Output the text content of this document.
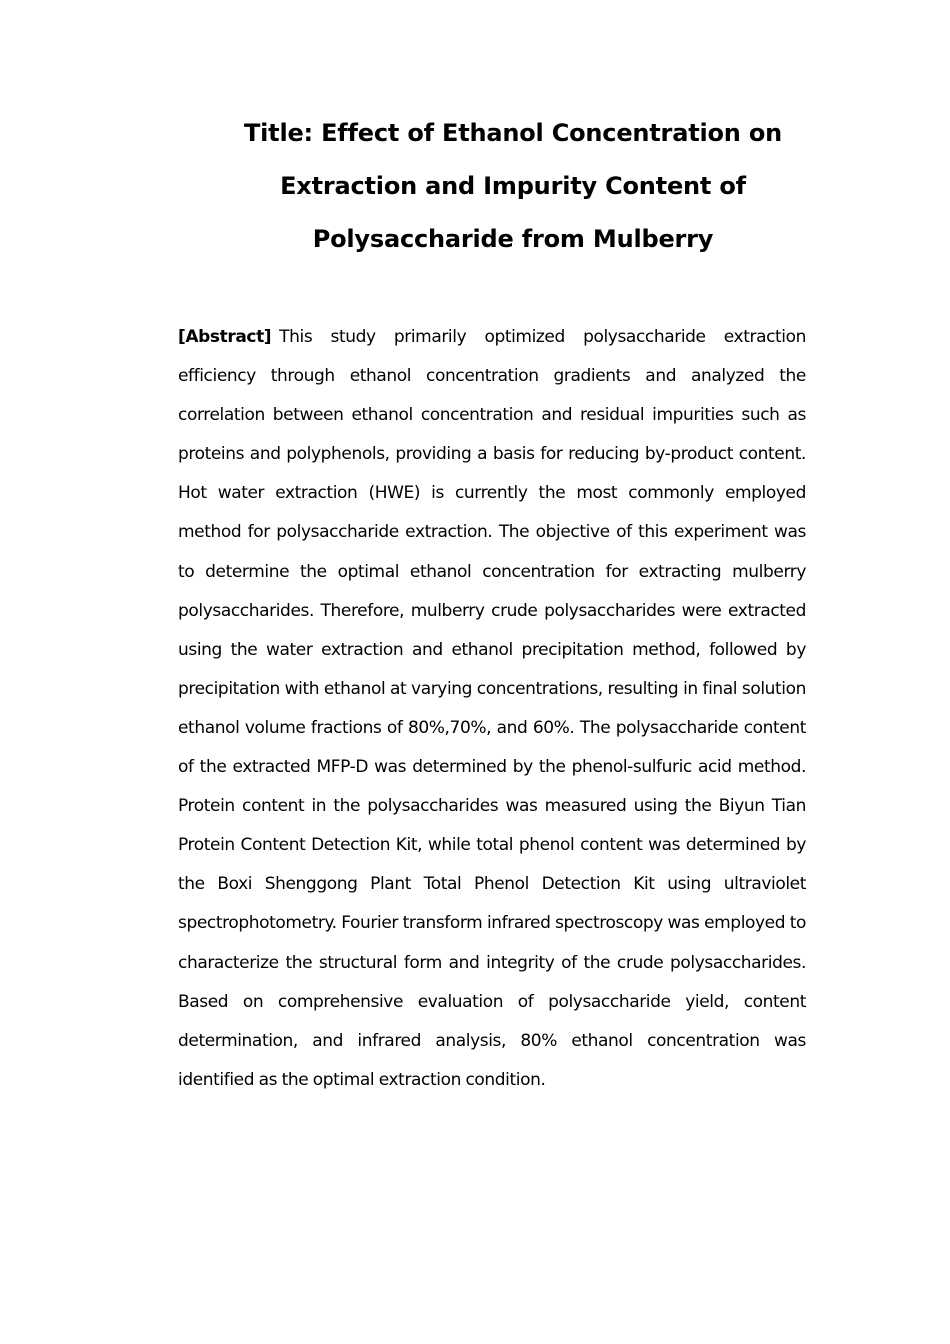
Title: Effect of Ethanol Concentration on
Extraction and Impurity Content of
Polysaccharide from Mulberry

[Abstract] This study primarily optimized polysaccharide extraction efficiency through ethanol concentration gradients and analyzed the correlation between ethanol concentration and residual impurities such as proteins and polyphenols, providing a basis for reducing by-product content. Hot water extraction (HWE) is currently the most commonly employed method for polysaccharide extraction. The objective of this experiment was to determine the optimal ethanol concentration for extracting mulberry polysaccharides. Therefore, mulberry crude polysaccharides were extracted using the water extraction and ethanol precipitation method, followed by precipitation with ethanol at varying concentrations, resulting in final solution ethanol volume fractions of 80%,70%, and 60%. The polysaccharide content of the extracted MFP-D was determined by the phenol-sulfuric acid method. Protein content in the polysaccharides was measured using the Biyun Tian Protein Content Detection Kit, while total phenol content was determined by the Boxi Shenggong Plant Total Phenol Detection Kit using ultraviolet spectrophotometry. Fourier transform infrared spectroscopy was employed to characterize the structural form and integrity of the crude polysaccharides. Based on comprehensive evaluation of polysaccharide yield, content determination, and infrared analysis, 80% ethanol concentration was identified as the optimal extraction condition.
